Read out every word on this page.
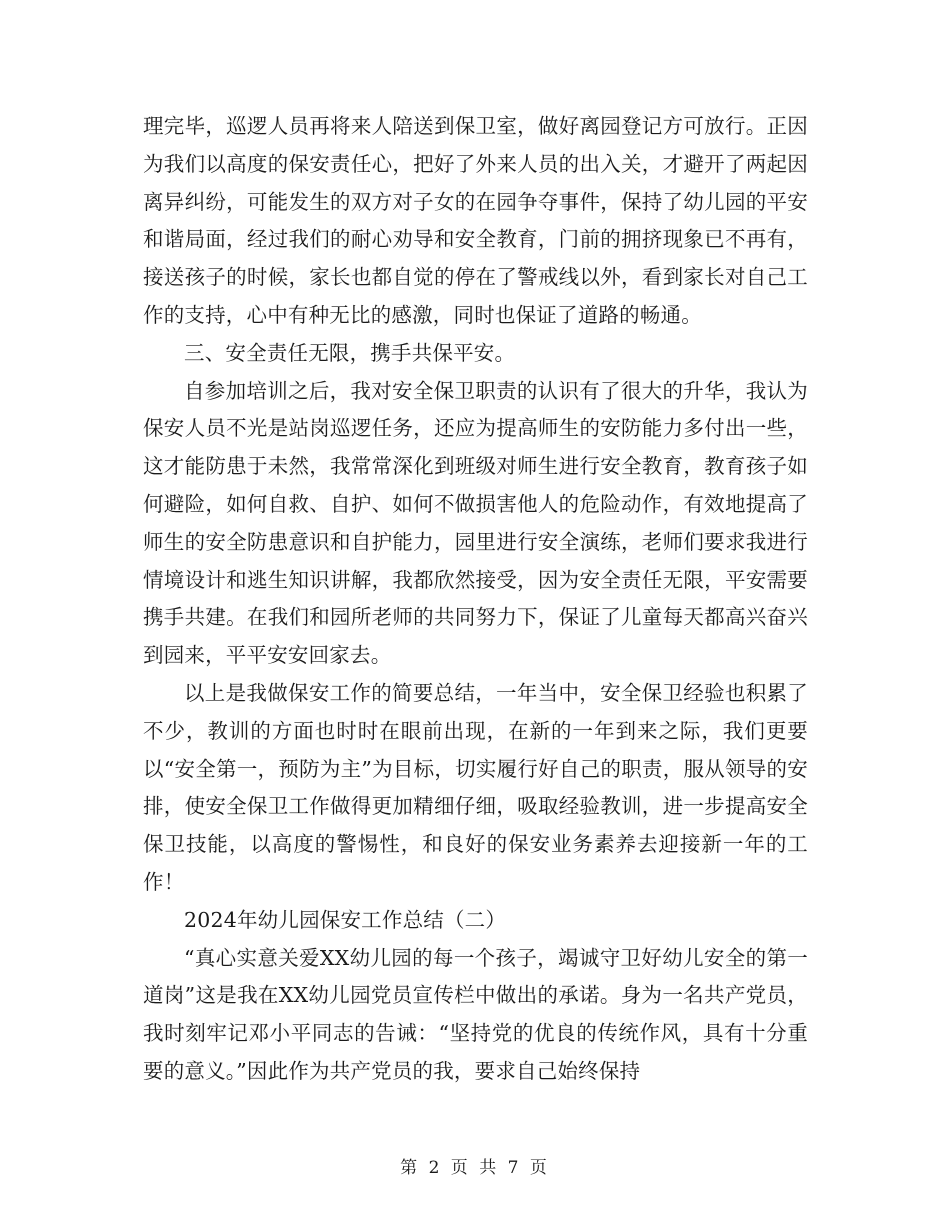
理完毕，巡逻人员再将来人陪送到保卫室，做好离园登记方可放行。正因为我们以高度的保安责任心，把好了外来人员的出入关，才避开了两起因离异纠纷，可能发生的双方对子女的在园争夺事件，保持了幼儿园的平安和谐局面，经过我们的耐心劝导和安全教育，门前的拥挤现象已不再有，接送孩子的时候，家长也都自觉的停在了警戒线以外，看到家长对自己工作的支持，心中有种无比的感激，同时也保证了道路的畅通。

三、安全责任无限，携手共保平安。

自参加培训之后，我对安全保卫职责的认识有了很大的升华，我认为保安人员不光是站岗巡逻任务，还应为提高师生的安防能力多付出一些，这才能防患于未然，我常常深化到班级对师生进行安全教育，教育孩子如何避险，如何自救、自护、如何不做损害他人的危险动作，有效地提高了师生的安全防患意识和自护能力，园里进行安全演练，老师们要求我进行情境设计和逃生知识讲解，我都欣然接受，因为安全责任无限，平安需要携手共建。在我们和园所老师的共同努力下，保证了儿童每天都高兴奋兴到园来，平平安安回家去。

以上是我做保安工作的简要总结，一年当中，安全保卫经验也积累了不少，教训的方面也时时在眼前出现，在新的一年到来之际，我们更要以“安全第一，预防为主”为目标，切实履行好自己的职责，服从领导的安排，使安全保卫工作做得更加精细仔细，吸取经验教训，进一步提高安全保卫技能，以高度的警惕性，和良好的保安业务素养去迎接新一年的工作！

2024年幼儿园保安工作总结（二）

“真心实意关爱XX幼儿园的每一个孩子，竭诚守卫好幼儿安全的第一道岗”这是我在XX幼儿园党员宣传栏中做出的承诺。身为一名共产党员，我时刻牢记邓小平同志的告诫：“坚持党的优良的传统作风，具有十分重要的意义。”因此作为共产党员的我，要求自己始终保持

第 2 页 共 7 页
